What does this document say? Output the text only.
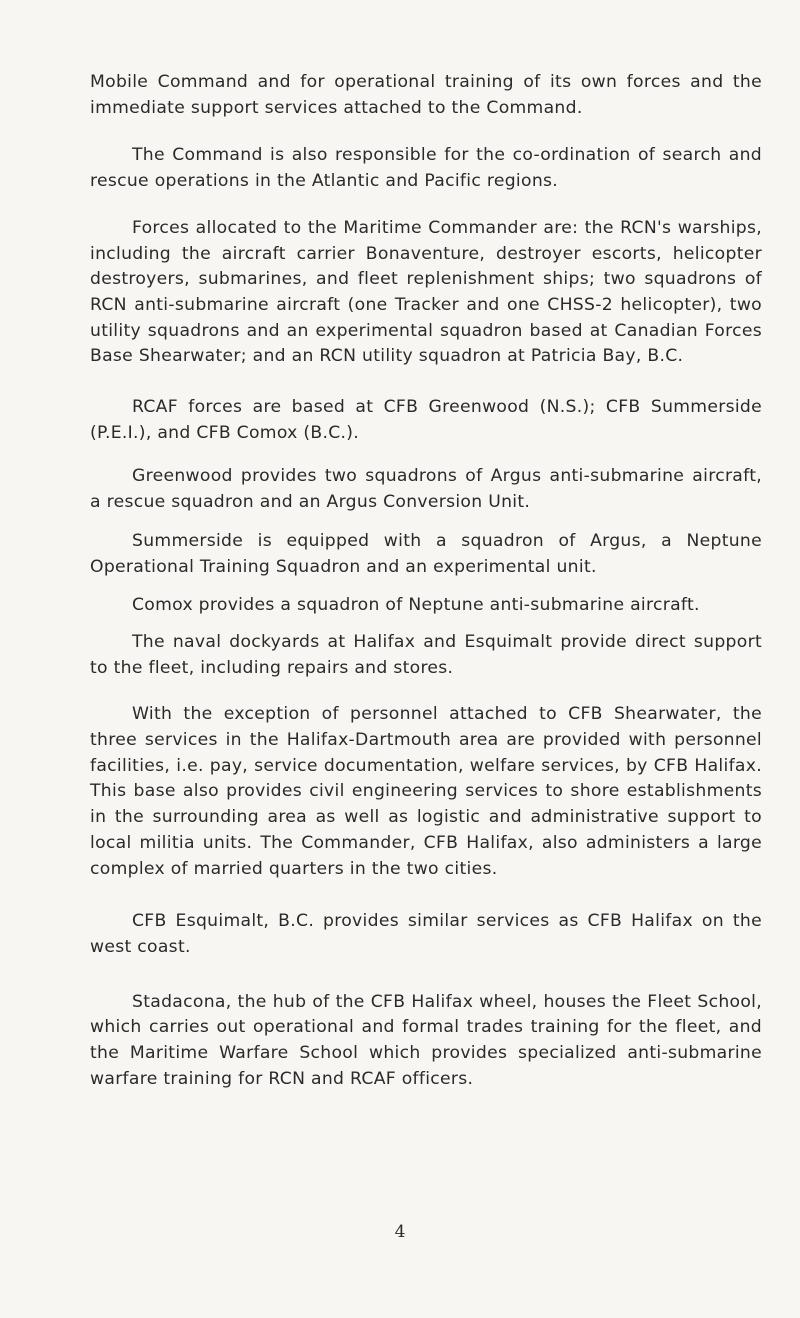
Mobile Command and for operational training of its own forces and the immediate support services attached to the Command.

The Command is also responsible for the co-ordination of search and rescue operations in the Atlantic and Pacific regions.

Forces allocated to the Maritime Commander are: the RCN's warships, including the aircraft carrier Bonaventure, destroyer escorts, helicopter destroyers, submarines, and fleet replenishment ships; two squadrons of RCN anti-submarine aircraft (one Tracker and one CHSS-2 helicopter), two utility squadrons and an experimental squadron based at Canadian Forces Base Shearwater; and an RCN utility squadron at Patricia Bay, B.C.

RCAF forces are based at CFB Greenwood (N.S.); CFB Summerside (P.E.I.), and CFB Comox (B.C.).

Greenwood provides two squadrons of Argus anti-submarine aircraft, a rescue squadron and an Argus Conversion Unit.

Summerside is equipped with a squadron of Argus, a Neptune Operational Training Squadron and an experimental unit.

Comox provides a squadron of Neptune anti-submarine aircraft.

The naval dockyards at Halifax and Esquimalt provide direct support to the fleet, including repairs and stores.

With the exception of personnel attached to CFB Shearwater, the three services in the Halifax-Dartmouth area are provided with personnel facilities, i.e. pay, service documentation, welfare services, by CFB Halifax. This base also provides civil engineering services to shore establishments in the surrounding area as well as logistic and administrative support to local militia units. The Commander, CFB Halifax, also administers a large complex of married quarters in the two cities.

CFB Esquimalt, B.C. provides similar services as CFB Halifax on the west coast.

Stadacona, the hub of the CFB Halifax wheel, houses the Fleet School, which carries out operational and formal trades training for the fleet, and the Maritime Warfare School which provides specialized anti-submarine warfare training for RCN and RCAF officers.

4
